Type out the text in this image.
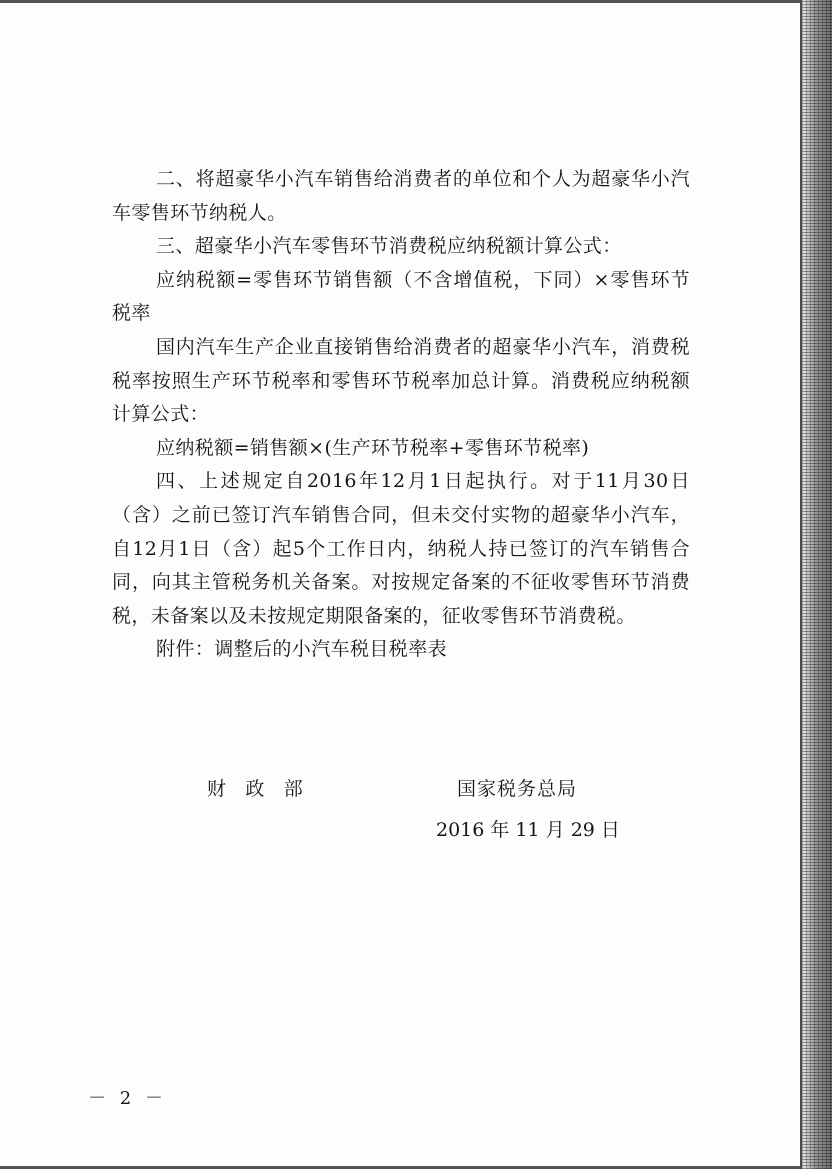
二、将超豪华小汽车销售给消费者的单位和个人为超豪华小汽车零售环节纳税人。

三、超豪华小汽车零售环节消费税应纳税额计算公式：

应纳税额=零售环节销售额（不含增值税，下同）×零售环节税率

国内汽车生产企业直接销售给消费者的超豪华小汽车，消费税税率按照生产环节税率和零售环节税率加总计算。消费税应纳税额计算公式：

应纳税额=销售额×(生产环节税率+零售环节税率)

四、上述规定自2016年12月1日起执行。对于11月30日（含）之前已签订汽车销售合同，但未交付实物的超豪华小汽车，自12月1日（含）起5个工作日内，纳税人持已签订的汽车销售合同，向其主管税务机关备案。对按规定备案的不征收零售环节消费税，未备案以及未按规定期限备案的，征收零售环节消费税。

附件：调整后的小汽车税目税率表

财　政　部	国家税务总局
2016 年 11 月 29 日
－ 2 －
